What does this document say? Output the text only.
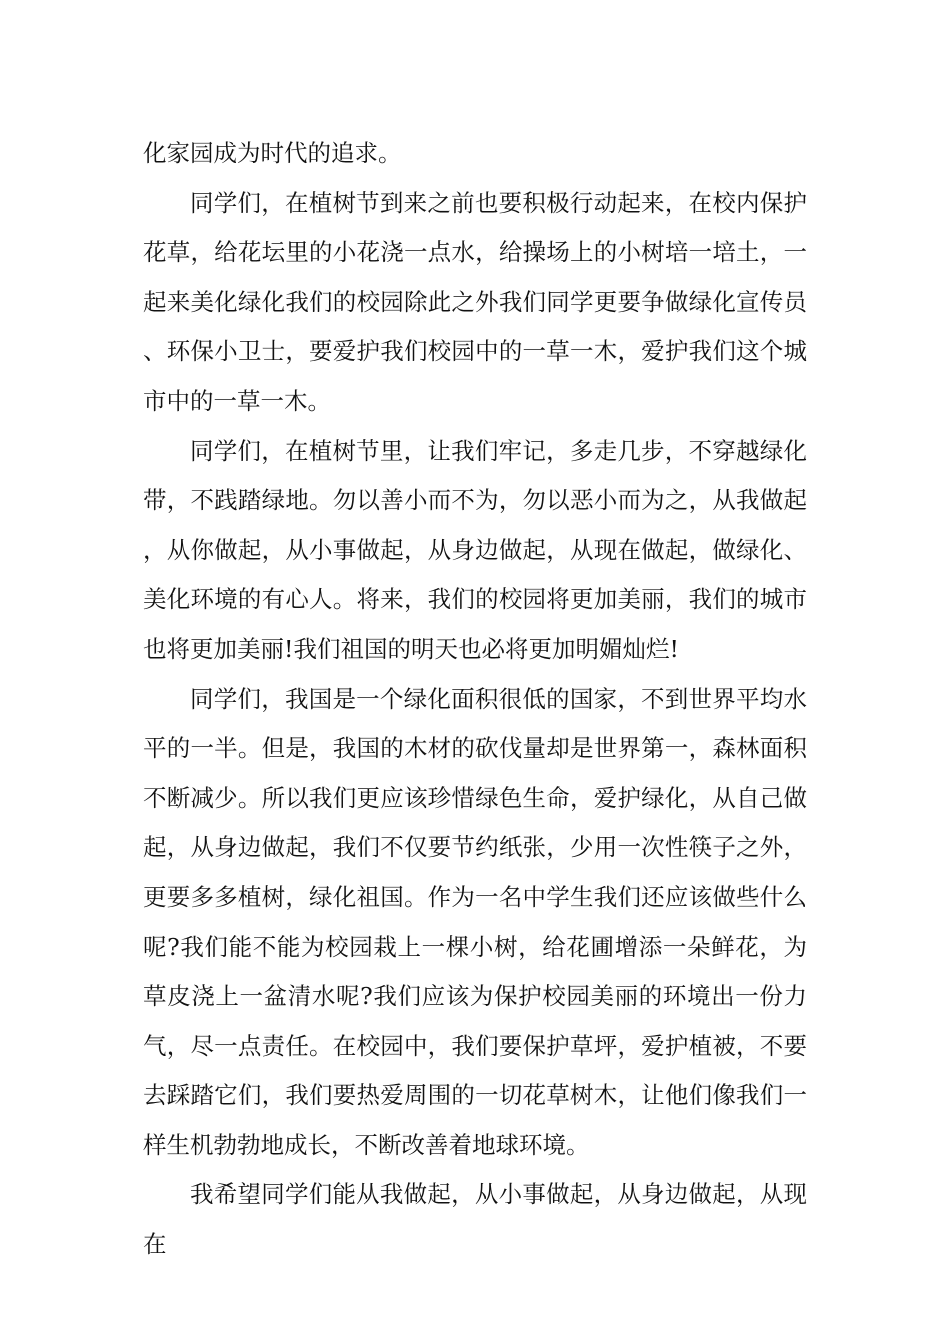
化家园成为时代的追求。

同学们，在植树节到来之前也要积极行动起来，在校内保护花草，给花坛里的小花浇一点水，给操场上的小树培一培土，一起来美化绿化我们的校园除此之外我们同学更要争做绿化宣传员、环保小卫士，要爱护我们校园中的一草一木，爱护我们这个城市中的一草一木。

同学们，在植树节里，让我们牢记，多走几步，不穿越绿化带，不践踏绿地。勿以善小而不为，勿以恶小而为之，从我做起，从你做起，从小事做起，从身边做起，从现在做起，做绿化、美化环境的有心人。将来，我们的校园将更加美丽，我们的城市也将更加美丽!我们祖国的明天也必将更加明媚灿烂!

同学们，我国是一个绿化面积很低的国家，不到世界平均水平的一半。但是，我国的木材的砍伐量却是世界第一，森林面积不断减少。所以我们更应该珍惜绿色生命，爱护绿化，从自己做起，从身边做起，我们不仅要节约纸张，少用一次性筷子之外，更要多多植树，绿化祖国。作为一名中学生我们还应该做些什么呢?我们能不能为校园栽上一棵小树，给花圃增添一朵鲜花，为草皮浇上一盆清水呢?我们应该为保护校园美丽的环境出一份力气，尽一点责任。在校园中，我们要保护草坪，爱护植被，不要去踩踏它们，我们要热爱周围的一切花草树木，让他们像我们一样生机勃勃地成长，不断改善着地球环境。

我希望同学们能从我做起，从小事做起，从身边做起，从现在
